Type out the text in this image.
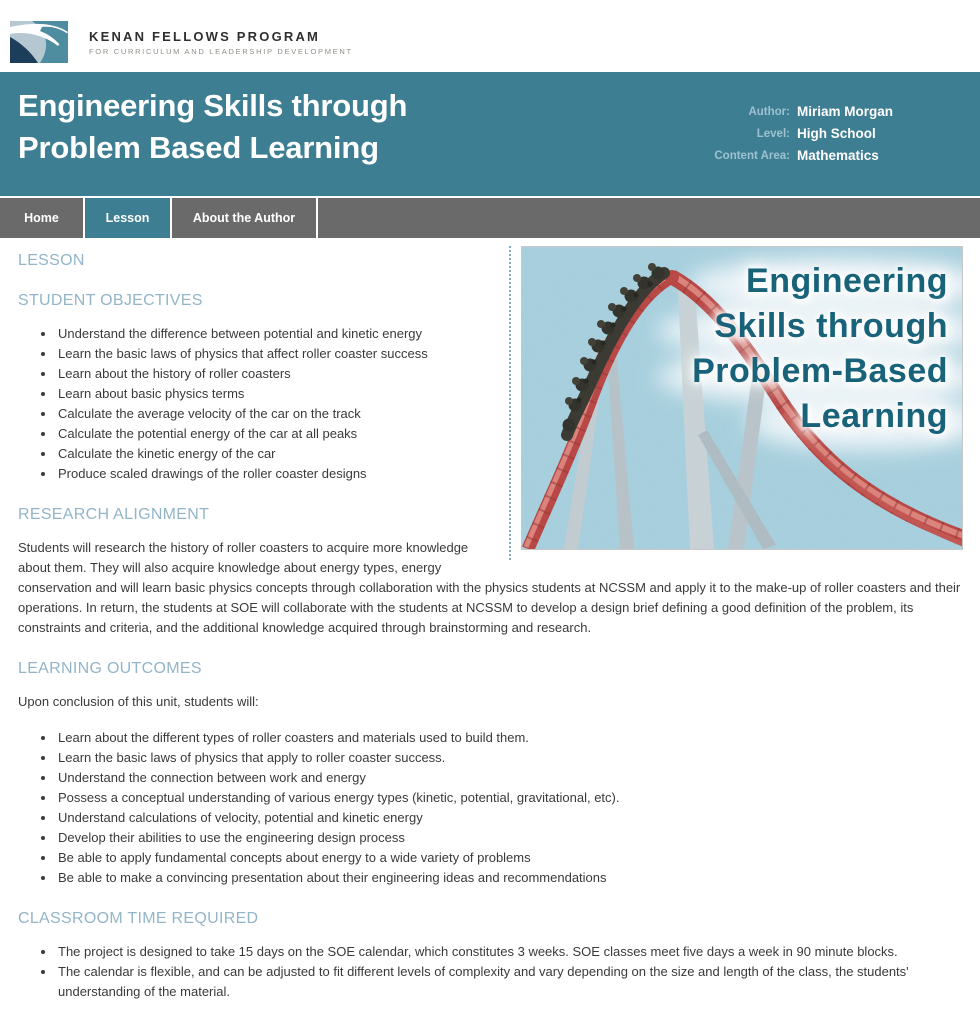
KENAN FELLOWS PROGRAM
FOR CURRICULUM AND LEADERSHIP DEVELOPMENT
Engineering Skills through
Problem Based Learning
Author: Miriam Morgan
Level: High School
Content Area: Mathematics
Home	Lesson	About the Author
Engineering
Skills through
Problem-Based
Learning
LESSON
STUDENT OBJECTIVES
• Understand the difference between potential and kinetic energy
• Learn the basic laws of physics that affect roller coaster success
• Learn about the history of roller coasters
• Learn about basic physics terms
• Calculate the average velocity of the car on the track
• Calculate the potential energy of the car at all peaks
• Calculate the kinetic energy of the car
• Produce scaled drawings of the roller coaster designs
RESEARCH ALIGNMENT

Students will research the history of roller coasters to acquire more knowledge about them. They will also acquire knowledge about energy types, energy conservation and will learn basic physics concepts through collaboration with the physics students at NCSSM and apply it to the make-up of roller coasters and their operations. In return, the students at SOE will collaborate with the students at NCSSM to develop a design brief defining a good definition of the problem, its constraints and criteria, and the additional knowledge acquired through brainstorming and research.

LEARNING OUTCOMES

Upon conclusion of this unit, students will:

• Learn about the different types of roller coasters and materials used to build them.
• Learn the basic laws of physics that apply to roller coaster success.
• Understand the connection between work and energy
• Possess a conceptual understanding of various energy types (kinetic, potential, gravitational, etc).
• Understand calculations of velocity, potential and kinetic energy
• Develop their abilities to use the engineering design process
• Be able to apply fundamental concepts about energy to a wide variety of problems
• Be able to make a convincing presentation about their engineering ideas and recommendations
CLASSROOM TIME REQUIRED
• The project is designed to take 15 days on the SOE calendar, which constitutes 3 weeks. SOE classes meet five days a week in 90 minute blocks.
• The calendar is flexible, and can be adjusted to fit different levels of complexity and vary depending on the size and length of the class, the students' understanding of the material.
